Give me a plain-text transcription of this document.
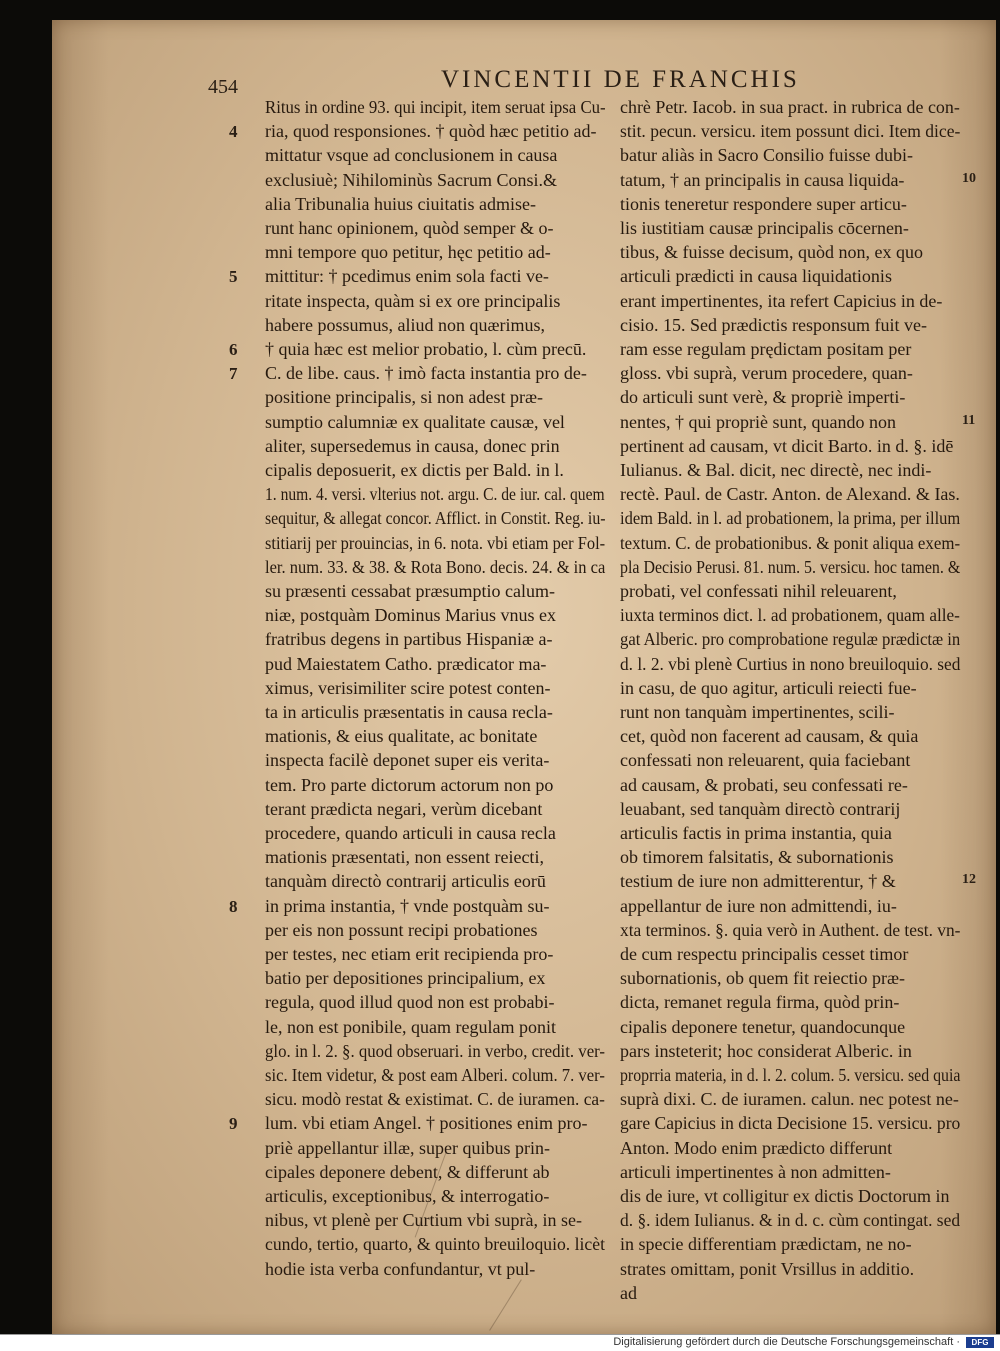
454	VINCENTII DE FRANCHIS
Ritus in ordine 93. qui incipit, item seruat ipsa Cu-
ria, quod responsiones. † quòd hæc petitio ad-
mittatur vsque ad conclusionem in causa
exclusiuè; Nihilominùs Sacrum Consi.&
alia Tribunalia huius ciuitatis admise-
runt hanc opinionem, quòd semper & o-
mni tempore quo petitur, hęc petitio ad-
mittitur: † pcedimus enim sola facti ve-
ritate inspecta, quàm si ex ore principalis
habere possumus, aliud non quærimus,
† quia hæc est melior probatio, l. cùm precū.
C. de libe. caus. † imò facta instantia pro de-
positione principalis, si non adest præ-
sumptio calumniæ ex qualitate causæ, vel
aliter, supersedemus in causa, donec prin
cipalis deposuerit, ex dictis per Bald. in l.
1. num. 4. versi. vlterius not. argu. C. de iur. cal. quem
sequitur, & allegat concor. Afflict. in Constit. Reg. iu-
stitiarij per prouincias, in 6. nota. vbi etiam per Fol-
ler. num. 33. & 38. & Rota Bono. decis. 24. & in ca
su præsenti cessabat præsumptio calum-
niæ, postquàm Dominus Marius vnus ex
fratribus degens in partibus Hispaniæ a-
pud Maiestatem Catho. prædicator ma-
ximus, verisimiliter scire potest conten-
ta in articulis præsentatis in causa recla-
mationis, & eius qualitate, ac bonitate
inspecta facilè deponet super eis verita-
tem. Pro parte dictorum actorum non po
terant prædicta negari, verùm dicebant
procedere, quando articuli in causa recla
mationis præsentati, non essent reiecti,
tanquàm directò contrarij articulis eorū
in prima instantia, † vnde postquàm su-
per eis non possunt recipi probationes
per testes, nec etiam erit recipienda pro-
batio per depositiones principalium, ex
regula, quod illud quod non est probabi-
le, non est ponibile, quam regulam ponit
glo. in l. 2. §. quod obseruari. in verbo, credit. ver-
sic. Item videtur, & post eam Alberi. colum. 7. ver-
sicu. modò restat & existimat. C. de iuramen. ca-
lum. vbi etiam Angel. † positiones enim pro-
priè appellantur illæ, super quibus prin-
cipales deponere debent, & differunt ab
articulis, exceptionibus, & interrogatio-
nibus, vt plenè per Curtium vbi suprà, in se-
cundo, tertio, quarto, & quinto breuiloquio. licèt
hodie ista verba confundantur, vt pul-
chrè Petr. Iacob. in sua pract. in rubrica de con-
stit. pecun. versicu. item possunt dici. Item dice-
batur aliàs in Sacro Consilio fuisse dubi-
tatum, † an principalis in causa liquida-
tionis teneretur respondere super articu-
lis iustitiam causæ principalis cōcernen-
tibus, & fuisse decisum, quòd non, ex quo
articuli prædicti in causa liquidationis
erant impertinentes, ita refert Capicius in de-
cisio. 15. Sed prædictis responsum fuit ve-
ram esse regulam prędictam positam per
gloss. vbi suprà, verum procedere, quan-
do articuli sunt verè, & propriè imperti-
nentes, † qui propriè sunt, quando non
pertinent ad causam, vt dicit Barto. in d. §. idē
Iulianus. & Bal. dicit, nec directè, nec indi-
rectè. Paul. de Castr. Anton. de Alexand. & Ias.
idem Bald. in l. ad probationem, la prima, per illum
textum. C. de probationibus. & ponit aliqua exem-
pla Decisio Perusi. 81. num. 5. versicu. hoc tamen. &
probati, vel confessati nihil releuarent,
iuxta terminos dict. l. ad probationem, quam alle-
gat Alberic. pro comprobatione regulæ prædictæ in
d. l. 2. vbi plenè Curtius in nono breuiloquio. sed
in casu, de quo agitur, articuli reiecti fue-
runt non tanquàm impertinentes, scili-
cet, quòd non facerent ad causam, & quia
confessati non releuarent, quia faciebant
ad causam, & probati, seu confessati re-
leuabant, sed tanquàm directò contrarij
articulis factis in prima instantia, quia
ob timorem falsitatis, & subornationis
testium de iure non admitterentur, † &
appellantur de iure non admittendi, iu-
xta terminos. §. quia verò in Authent. de test. vn-
de cum respectu principalis cesset timor
subornationis, ob quem fit reiectio præ-
dicta, remanet regula firma, quòd prin-
cipalis deponere tenetur, quandocunque
pars insteterit; hoc considerat Alberic. in
proprria materia, in d. l. 2. colum. 5. versicu. sed quia
suprà dixi. C. de iuramen. calun. nec potest ne-
gare Capicius in dicta Decisione 15. versicu. pro
Anton. Modo enim prædicto differunt
articuli impertinentes à non admitten-
dis de iure, vt colligitur ex dictis Doctorum in
d. §. idem Iulianus. & in d. c. cùm contingat. sed
in specie differentiam prædictam, ne no-
strates omittam, ponit Vrsillus in additio.
ad
4
5
6
7
8
9
10
11
12
Digitalisierung gefördert durch die Deutsche Forschungsgemeinschaft ·	DFG
